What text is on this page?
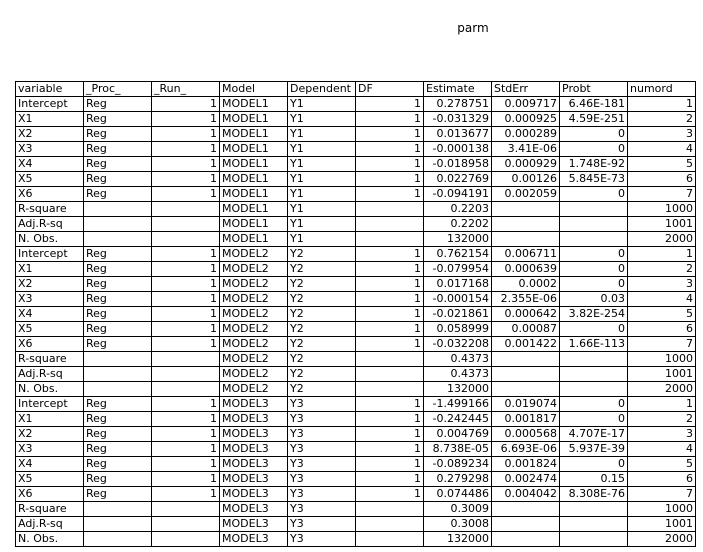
parm
variable	_Proc_	_Run_	Model	Dependent	DF	Estimate	StdErr	Probt	numord
Intercept	Reg	1	MODEL1	Y1	1	0.278751	0.009717	6.46E-181	1
X1	Reg	1	MODEL1	Y1	1	-0.031329	0.000925	4.59E-251	2
X2	Reg	1	MODEL1	Y1	1	0.013677	0.000289	0	3
X3	Reg	1	MODEL1	Y1	1	-0.000138	3.41E-06	0	4
X4	Reg	1	MODEL1	Y1	1	-0.018958	0.000929	1.748E-92	5
X5	Reg	1	MODEL1	Y1	1	0.022769	0.00126	5.845E-73	6
X6	Reg	1	MODEL1	Y1	1	-0.094191	0.002059	0	7
R-square			MODEL1	Y1		0.2203			1000
Adj.R-sq			MODEL1	Y1		0.2202			1001
N. Obs.			MODEL1	Y1		132000			2000
Intercept	Reg	1	MODEL2	Y2	1	0.762154	0.006711	0	1
X1	Reg	1	MODEL2	Y2	1	-0.079954	0.000639	0	2
X2	Reg	1	MODEL2	Y2	1	0.017168	0.0002	0	3
X3	Reg	1	MODEL2	Y2	1	-0.000154	2.355E-06	0.03	4
X4	Reg	1	MODEL2	Y2	1	-0.021861	0.000642	3.82E-254	5
X5	Reg	1	MODEL2	Y2	1	0.058999	0.00087	0	6
X6	Reg	1	MODEL2	Y2	1	-0.032208	0.001422	1.66E-113	7
R-square			MODEL2	Y2		0.4373			1000
Adj.R-sq			MODEL2	Y2		0.4373			1001
N. Obs.			MODEL2	Y2		132000			2000
Intercept	Reg	1	MODEL3	Y3	1	-1.499166	0.019074	0	1
X1	Reg	1	MODEL3	Y3	1	-0.242445	0.001817	0	2
X2	Reg	1	MODEL3	Y3	1	0.004769	0.000568	4.707E-17	3
X3	Reg	1	MODEL3	Y3	1	8.738E-05	6.693E-06	5.937E-39	4
X4	Reg	1	MODEL3	Y3	1	-0.089234	0.001824	0	5
X5	Reg	1	MODEL3	Y3	1	0.279298	0.002474	0.15	6
X6	Reg	1	MODEL3	Y3	1	0.074486	0.004042	8.308E-76	7
R-square			MODEL3	Y3		0.3009			1000
Adj.R-sq			MODEL3	Y3		0.3008			1001
N. Obs.			MODEL3	Y3		132000			2000
